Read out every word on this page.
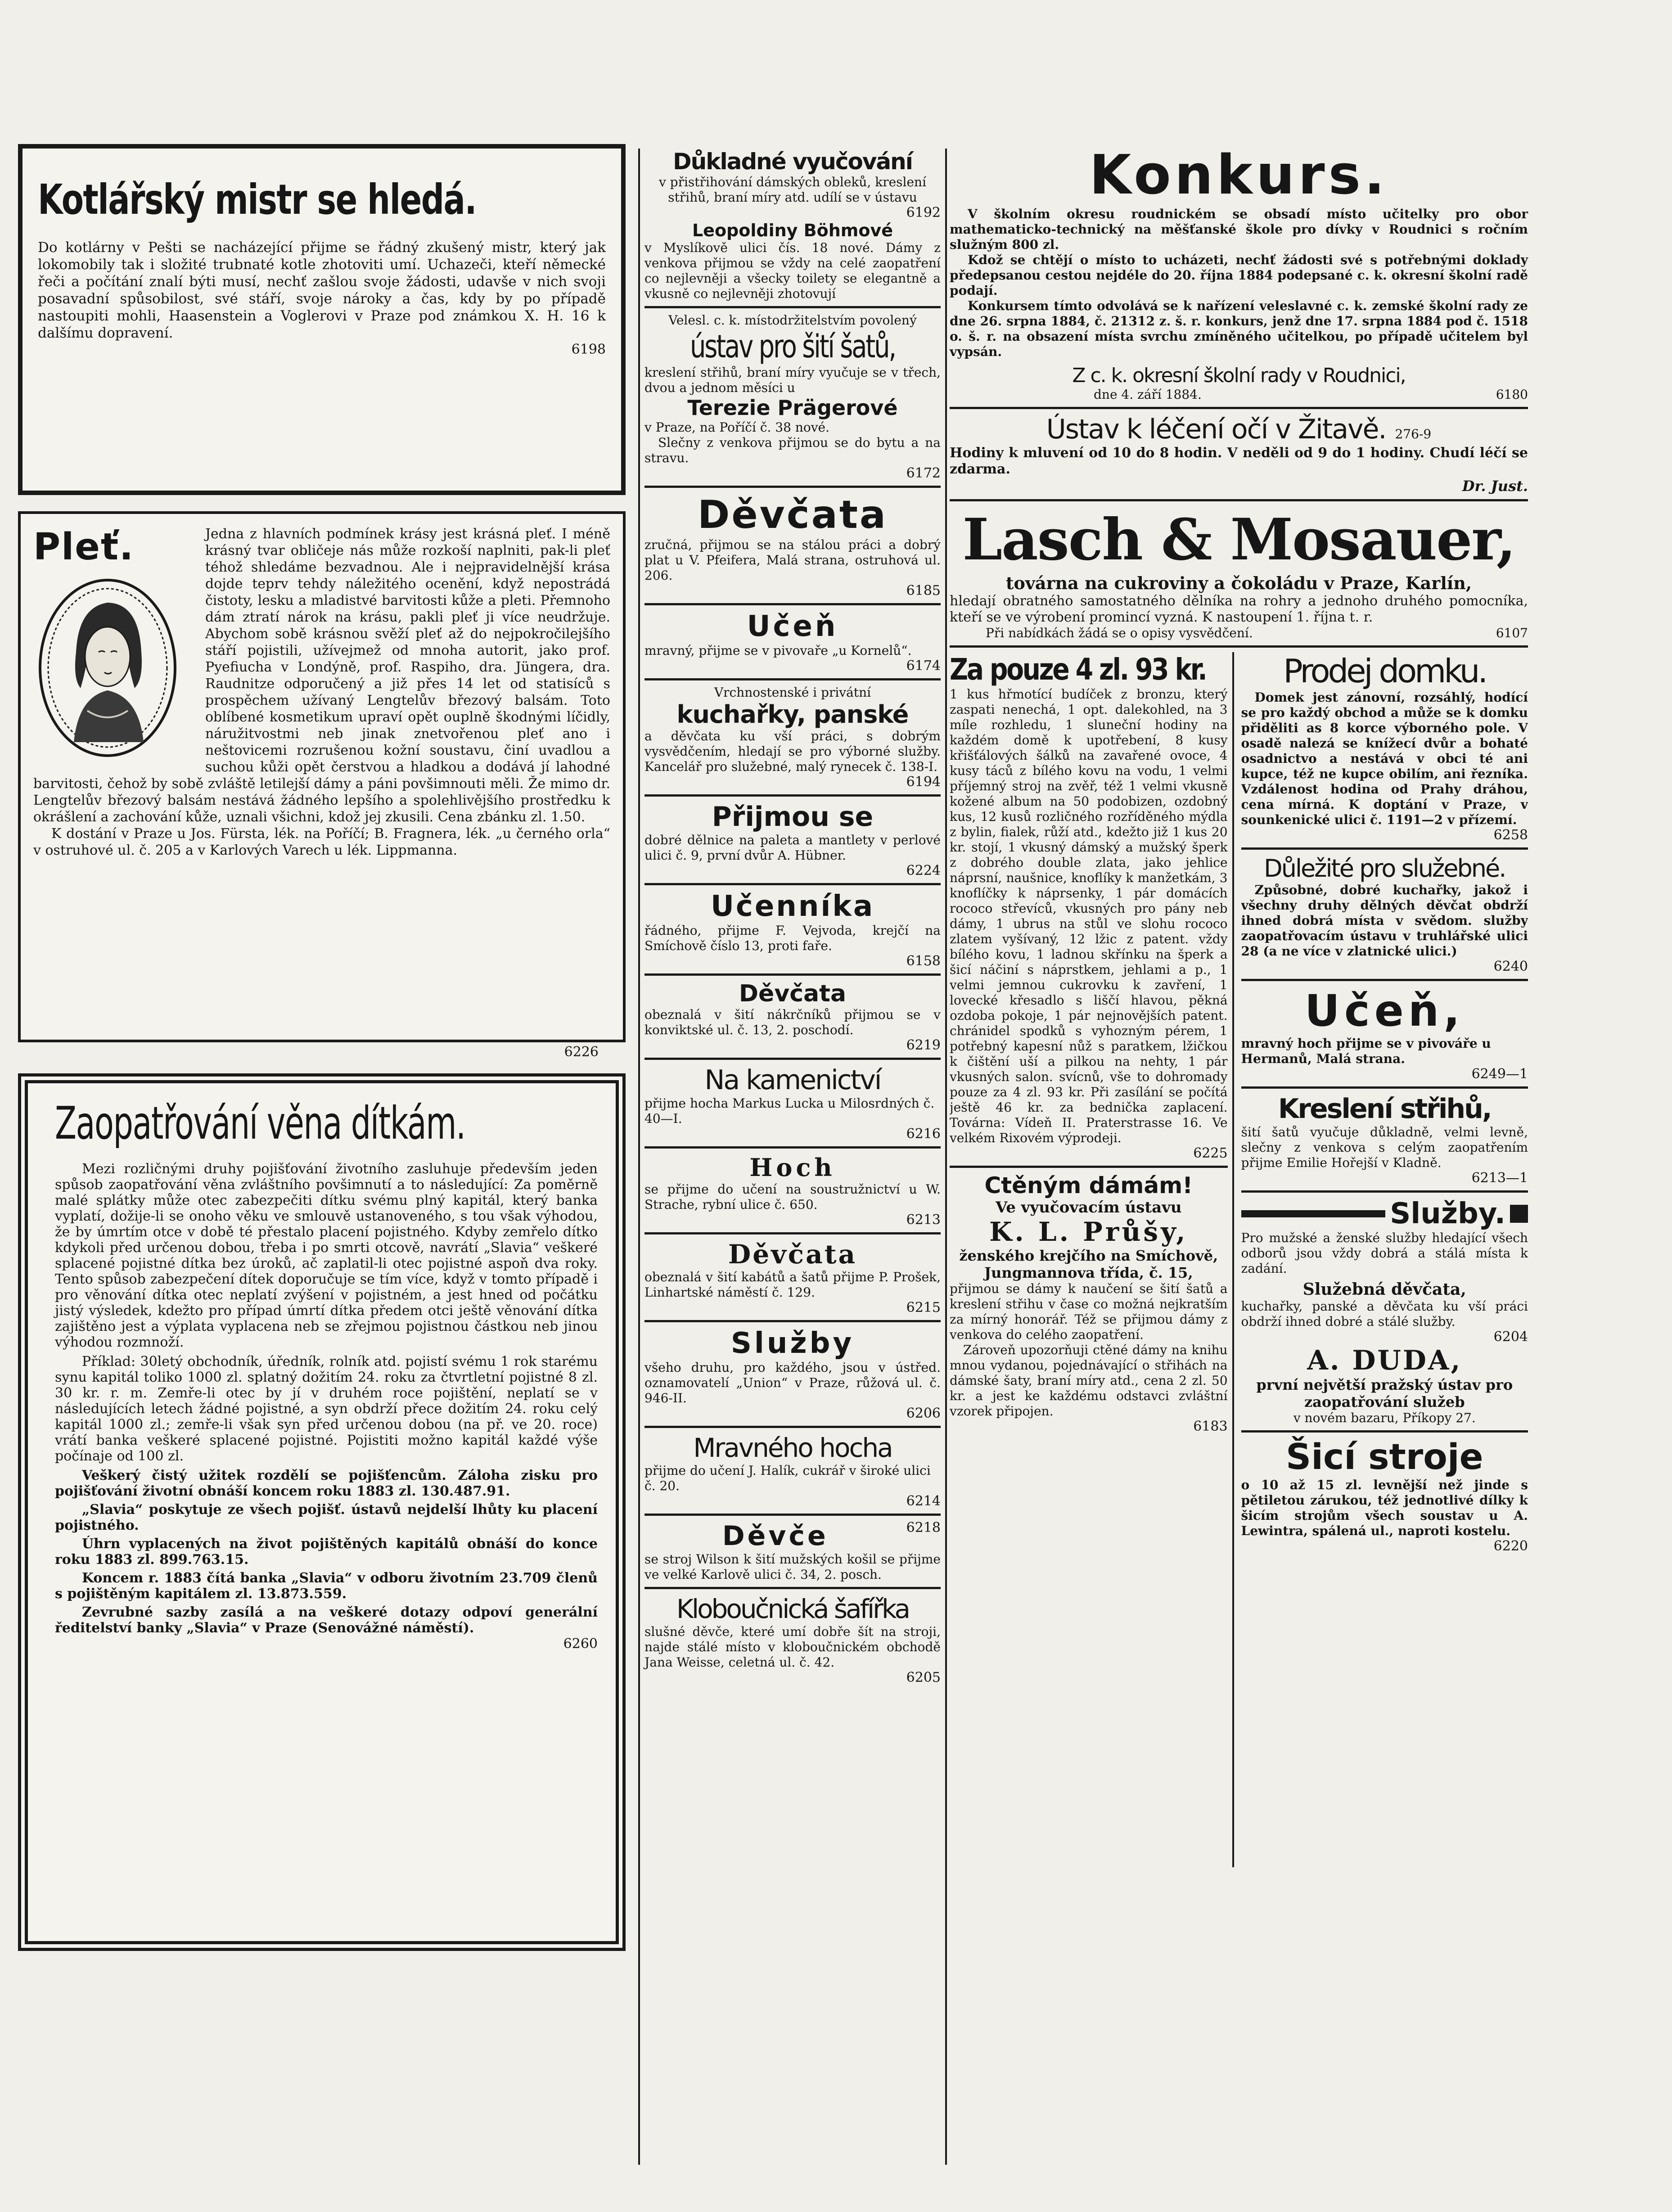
Kotlářský mistr se hledá.

Do kotlárny v Pešti se nacházející přijme se řádný zkušený mistr, který jak lokomobily tak i složité trubnaté kotle zhotoviti umí. Uchazeči, kteří německé řeči a počítání znalí býti musí, nechť zašlou svoje žádosti, udavše v nich svoji posavadní spůsobilost, své stáří, svoje nároky a čas, kdy by po případě nastoupiti mohli, Haasenstein a Voglerovi v Praze pod známkou X. H. 16 k dalšímu dopravení.

6198
Pleť.	Jedna z hlavních podmínek krásy jest krásná pleť. I méně krásný tvar obličeje nás může rozkoší naplniti, pak-li pleť téhož shledáme bezvadnou. Ale i nejpravidelnější krása dojde teprv tehdy náležitého ocenění, když nepostrádá čistoty, lesku a mladistvé barvitosti kůže a pleti. Přemnoho dám ztratí nárok na krásu, pakli pleť ji více neudržuje. Abychom sobě krásnou svěží pleť až do nejpokročilejšího stáří pojistili, užívejmež od mnoha autorit, jako prof. Pyefiucha v Londýně, prof. Raspiho, dra. Jüngera, dra. Raudnitze odporučený a již přes 14 let od statisíců s prospěchem užívaný Lengtelův březový balsám. Toto oblíbené kosmetikum upraví opět ouplně škodnými líčidly, náružitvostmi neb jinak znetvořenou pleť ano i neštovicemi rozrušenou kožní soustavu, činí uvadlou a suchou kůži opět čerstvou a hladkou a dodává jí lahodné barvitosti, čehož by sobě zvláště letilejší dámy a páni povšimnouti měli. Že mimo dr. Lengtelův březový balsám nestává žádného lepšího a spolehlivějšího prostředku k okrášlení a zachování kůže, uznali všichni, kdož jej zkusili. Cena zbánku zl. 1.50.

K dostání v Praze u Jos. Fürsta, lék. na Poříčí; B. Fragnera, lék. „u černého orla“ v ostruhové ul. č. 205 a v Karlových Varech u lék. Lippmanna.

6226
Zaopatřování věna dítkám.

Mezi rozličnými druhy pojišťování životního zasluhuje především jeden spůsob zaopatřování věna zvláštního povšimnutí a to následující: Za poměrně malé splátky může otec zabezpečiti dítku svému plný kapitál, který banka vyplatí, dožije-li se onoho věku ve smlouvě ustanoveného, s tou však výhodou, že by úmrtím otce v době té přestalo placení pojistného. Kdyby zemřelo dítko kdykoli před určenou dobou, třeba i po smrti otcově, navrátí „Slavia“ veškeré splacené pojistné dítka bez úroků, ač zaplatil-li otec pojistné aspoň dva roky. Tento spůsob zabezpečení dítek doporučuje se tím více, když v tomto případě i pro věnování dítka otec neplatí zvýšení v pojistném, a jest hned od počátku jistý výsledek, kdežto pro případ úmrtí dítka předem otci ještě věnování dítka zajištěno jest a výplata vyplacena neb se zřejmou pojistnou částkou neb jinou výhodou rozmnoží.

Příklad: 30letý obchodník, úředník, rolník atd. pojistí svému 1 rok starému synu kapitál toliko 1000 zl. splatný dožitím 24. roku za čtvrtletní pojistné 8 zl. 30 kr. r. m. Zemře-li otec by jí v druhém roce pojištění, neplatí se v následujících letech žádné pojistné, a syn obdrží přece dožitím 24. roku celý kapitál 1000 zl.; zemře-li však syn před určenou dobou (na př. ve 20. roce) vrátí banka veškeré splacené pojistné. Pojistiti možno kapitál každé výše počínaje od 100 zl.

Veškerý čistý užitek rozdělí se pojišťencům. Záloha zisku pro pojišťování životní obnáší koncem roku 1883 zl. 130.487.91.

„Slavia“ poskytuje ze všech pojišť. ústavů nejdelší lhůty ku placení pojistného.

Úhrn vyplacených na život pojištěných kapitálů obnáší do konce roku 1883 zl. 899.763.15.

Koncem r. 1883 čítá banka „Slavia“ v odboru životním 23.709 členů s pojištěným kapitálem zl. 13.873.559.

Zevrubné sazby zasílá a na veškeré dotazy odpoví generální ředitelství banky „Slavia“ v Praze (Senovážné náměstí).

6260
Důkladné vyučování

v přistřihování dámských obleků, kreslení střihů, braní míry atd. udílí se v ústavu

6192
Leopoldiny Böhmové

v Myslíkově ulici čís. 18 nové. Dámy z venkova přijmou se vždy na celé zaopatření co nejlevněji a všecky toilety se elegantně a vkusně co nejlevněji zhotovují

Velesl. c. k. místodržitelstvím povolený

ústav pro šití šatů,

kreslení střihů, braní míry vyučuje se v třech, dvou a jednom měsíci u

Terezie Prägerové

v Praze, na Poříčí č. 38 nové.

Slečny z venkova přijmou se do bytu a na stravu.

6172
Děvčata

zručná, přijmou se na stálou práci a dobrý plat u V. Pfeifera, Malá strana, ostruhová ul. 206.

6185
Učeň

mravný, přijme se v pivovaře „u Kornelů“.

6174

Vrchnostenské i privátní

kuchařky, panské

a děvčata ku vší práci, s dobrým vysvědčením, hledají se pro výborné služby. Kancelář pro služebné, malý rynecek č. 138-I.

6194
Přijmou se

dobré dělnice na paleta a mantlety v perlové ulici č. 9, první dvůr A. Hübner.

6224
Učenníka

řádného, přijme F. Vejvoda, krejčí na Smíchově číslo 13, proti faře.

6158
Děvčata

obeznalá v šití nákrčníků přijmou se v konviktské ul. č. 13, 2. poschodí.

6219
Na kamenictví

přijme hocha Markus Lucka u Milosrdných č. 40—I.

6216
Hoch

se přijme do učení na soustružnictví u W. Strache, rybní ulice č. 650.

6213
Děvčata

obeznalá v šití kabátů a šatů přijme P. Prošek, Linhartské náměstí č. 129.

6215
Služby

všeho druhu, pro každého, jsou v ústřed. oznamovatelí „Union“ v Praze, růžová ul. č. 946-II.

6206
Mravného hocha

přijme do učení J. Halík, cukrář v široké ulici č. 20.

6214
6218
Děvče

se stroj Wilson k šití mužských košil se přijme ve velké Karlově ulici č. 34, 2. posch.

Kloboučnická šafířka

slušné děvče, které umí dobře šít na stroji, najde stálé místo v kloboučnickém obchodě Jana Weisse, celetná ul. č. 42.

6205
Konkurs.

V školním okresu roudnickém se obsadí místo učitelky pro obor mathematicko-technický na měšťanské škole pro dívky v Roudnici s ročním služným 800 zl.

Kdož se chtějí o místo to ucházeti, nechť žádosti své s potřebnými doklady předepsanou cestou nejdéle do 20. října 1884 podepsané c. k. okresní školní radě podají.

Konkursem tímto odvolává se k nařízení veleslavné c. k. zemské školní rady ze dne 26. srpna 1884, č. 21312 z. š. r. konkurs, jenž dne 17. srpna 1884 pod č. 1518 o. š. r. na obsazení místa svrchu zmíněného učitelkou, po případě učitelem byl vypsán.

Z c. k. okresní školní rady v Roudnici,
dne 4. září 1884.	6180
Ústav k léčení očí v Žitavě. 276-9

Hodiny k mluvení od 10 do 8 hodin. V neděli od 9 do 1 hodiny. Chudí léčí se zdarma.

Dr. Just.
Lasch & Mosauer,

továrna na cukroviny a čokoládu v Praze, Karlín,

hledají obratného samostatného dělníka na rohry a jednoho druhého pomocníka, kteří se ve výrobení promincí vyzná. K nastoupení 1. října t. r.

Při nabídkách žádá se o opisy vysvědčení.	6107
Za pouze 4 zl. 93 kr.

1 kus hřmotící budíček z bronzu, který zaspati nenechá, 1 opt. dalekohled, na 3 míle rozhledu, 1 sluneční hodiny na každém domě k upotřebení, 8 kusy křišťálových šálků na zavařené ovoce, 4 kusy táců z bílého kovu na vodu, 1 velmi příjemný stroj na zvěř, též 1 velmi vkusně kožené album na 50 podobizen, ozdobný kus, 12 kusů rozličného rozříděného mýdla z bylin, fialek, růží atd., kdežto již 1 kus 20 kr. stojí, 1 vkusný dámský a mužský šperk z dobrého double zlata, jako jehlice náprsní, naušnice, knoflíky k manžetkám, 3 knoflíčky k náprsenky, 1 pár domácích rococo střevíců, vkusných pro pány neb dámy, 1 ubrus na stůl ve slohu rococo zlatem vyšívaný, 12 lžic z patent. vždy bílého kovu, 1 ladnou skřínku na šperk a šicí náčiní s náprstkem, jehlami a p., 1 velmi jemnou cukrovku k zavření, 1 lovecké křesadlo s liščí hlavou, pěkná ozdoba pokoje, 1 pár nejnovějších patent. chránidel spodků s vyhozným pérem, 1 potřebný kapesní nůž s paratkem, lžičkou k čištění uší a pilkou na nehty, 1 pár vkusných salon. svícnů, vše to dohromady pouze za 4 zl. 93 kr. Při zasílání se počítá ještě 46 kr. za bednička zaplacení. Továrna: Vídeň II. Praterstrasse 16. Ve velkém Rixovém výprodeji.

6225
Ctěným dámám!

Ve vyučovacím ústavu

K. L. Průšy,

ženského krejčího na Smíchově, Jungmannova třída, č. 15,

přijmou se dámy k naučení se šití šatů a kreslení střihu v čase co možná nejkratším za mírný honorář. Též se přijmou dámy z venkova do celého zaopatření.

Zároveň upozorňuji ctěné dámy na knihu mnou vydanou, pojednávající o střihách na dámské šaty, braní míry atd., cena 2 zl. 50 kr. a jest ke každému odstavci zvláštní vzorek připojen.

6183
Prodej domku.

Domek jest zánovní, rozsáhlý, hodící se pro každý obchod a může se k domku přiděliti as 8 korce výborného pole. V osadě nalezá se knížecí dvůr a bohaté osadnictvo a nestává v obci té ani kupce, též ne kupce obilím, ani řezníka. Vzdálenost hodina od Prahy dráhou, cena mírná. K doptání v Praze, v sounkenické ulici č. 1191—2 v přízemí.

6258
Důležité pro služebné.

Způsobné, dobré kuchařky, jakož i všechny druhy dělných děvčat obdrží ihned dobrá místa v svědom. služby zaopatřovacím ústavu v truhlářské ulici 28 (a ne více v zlatnické ulici.)

6240
Učeň,

mravný hoch přijme se v pivováře u Hermanů, Malá strana.

6249—1
Kreslení střihů,

šití šatů vyučuje důkladně, velmi levně, slečny z venkova s celým zaopatřením přijme Emilie Hořejší v Kladně.

6213—1
Služby.

Pro mužské a ženské služby hledající všech odborů jsou vždy dobrá a stálá místa k zadání.

Služebná děvčata,

kuchařky, panské a děvčata ku vší práci obdrží ihned dobré a stálé služby.

6204
A. DUDA,

první největší pražský ústav pro zaopatřování služeb

v novém bazaru, Příkopy 27.

Šicí stroje

o 10 až 15 zl. levnější než jinde s pětiletou zárukou, též jednotlivé dílky k šicím strojům všech soustav u A. Lewintra, spálená ul., naproti kostelu.

6220
